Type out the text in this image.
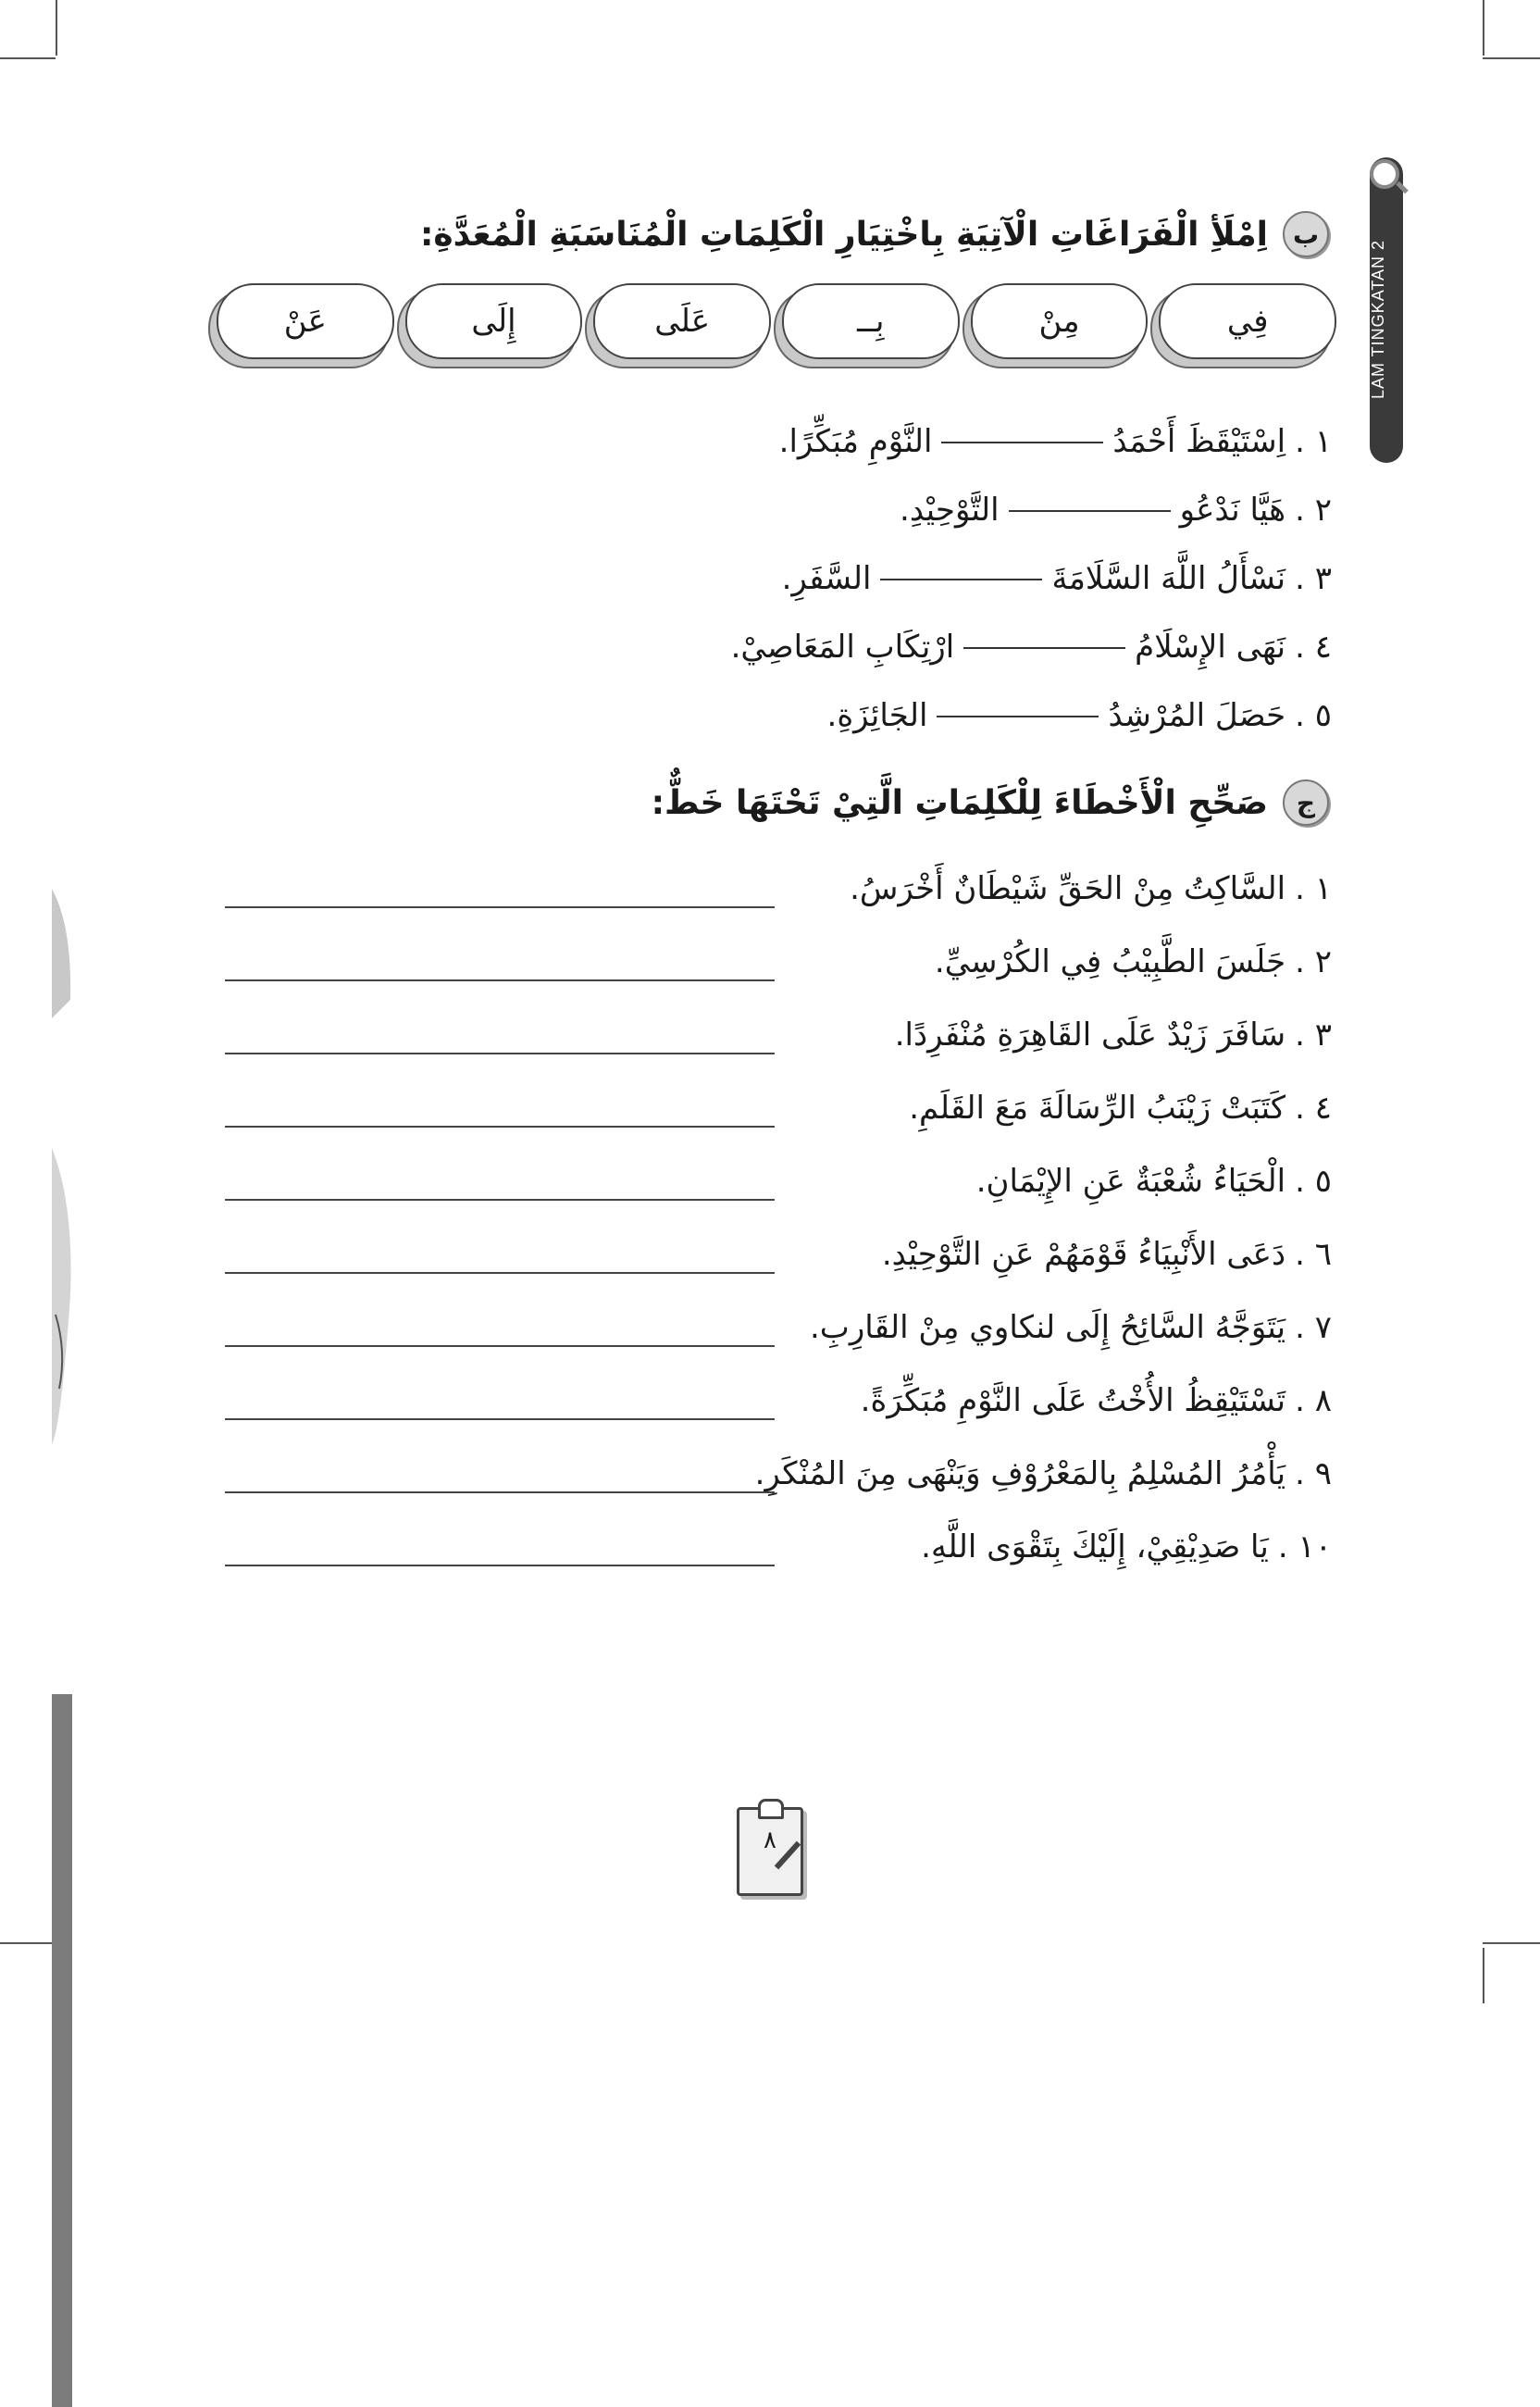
LAM TINGKATAN 2
ب
اِمْلَأِ الْفَرَاغَاتِ الْآتِيَةِ بِاخْتِيَارِ الْكَلِمَاتِ الْمُنَاسَبَةِ الْمُعَدَّةِ:
فِي
مِنْ
بِــ
عَلَى
إِلَى
عَنْ
١ .
اِسْتَيْقَظَ أَحْمَدُ
النَّوْمِ مُبَكِّرًا.
٢ .
هَيَّا نَدْعُو
التَّوْحِيْدِ.
٣ .
نَسْأَلُ اللَّهَ السَّلَامَةَ
السَّفَرِ.
٤ .
نَهَى الإِسْلَامُ
ارْتِكَابِ المَعَاصِيْ.
٥ .
حَصَلَ المُرْشِدُ
الجَائِزَةِ.
ج
صَحِّحِ الْأَخْطَاءَ لِلْكَلِمَاتِ الَّتِيْ تَحْتَهَا خَطٌّ:
١ .
السَّاكِتُ مِنْ الحَقِّ شَيْطَانٌ أَخْرَسُ.
٢ .
جَلَسَ الطَّبِيْبُ فِي الكُرْسِيِّ.
٣ .
سَافَرَ زَيْدٌ عَلَى القَاهِرَةِ مُنْفَرِدًا.
٤ .
كَتَبَتْ زَيْنَبُ الرِّسَالَةَ مَعَ القَلَمِ.
٥ .
الْحَيَاءُ شُعْبَةٌ عَنِ الإِيْمَانِ.
٦ .
دَعَى الأَنْبِيَاءُ قَوْمَهُمْ عَنِ التَّوْحِيْدِ.
٧ .
يَتَوَجَّهُ السَّائِحُ إِلَى لنكاوي مِنْ القَارِبِ.
٨ .
تَسْتَيْقِظُ الأُخْتُ عَلَى النَّوْمِ مُبَكِّرَةً.
٩ .
يَأْمُرُ المُسْلِمُ بِالمَعْرُوْفِ وَيَنْهَى مِنَ المُنْكَرِ.
١٠ .
يَا صَدِيْقِيْ، إِلَيْكَ بِتَقْوَى اللَّهِ.
٨
